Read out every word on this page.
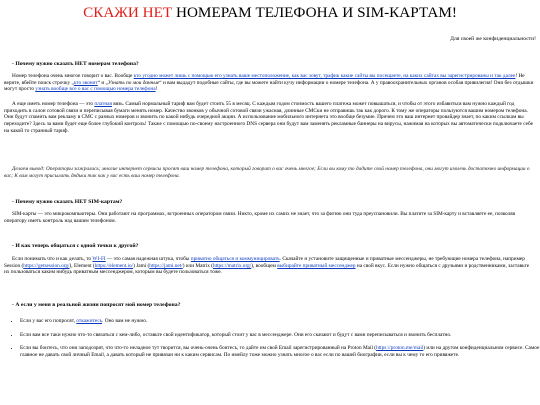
СКАЖИ НЕТ НОМЕРАМ ТЕЛЕФОНА И SIM-КАРТАМ!
Для своей же конфиденциальности!
- Почему нужно сказать НЕТ номерам телефона?

Номер телефона очень многое говорит о вас. Вообще кто угодно может лишь с помощью его узнать ваше местоположение, как вас зовут, трафик какие сайты вы посещаете, на каких сайтах вы зарегистрированы и так далее! Не верите, вбейте поиск строчку „кто звонит“ и „Узнать по мои данные“ и вам выдадут подобные сайты, где вы можете найти кучу информации о номере телефона. А у правоохранительных органов особая привилегия! Они без отдышки могут просто узнать вообще все о вас с помощью номера телефона!

А еще иметь номер телефона — это платная вязь. Самый нормальный тариф вам будет стоить 55 в месяц. С каждым годом стоимость вашего платежа может повышаться, и чтобы от этого избавиться вам нужно каждый год приходить в салон сотовой связи и переписывая бумаги менять номер. Качество звонков у обычной сотовой связи ужасная, длинные СМСки не отправишь так как дорого. К тому же операторы пользуются вашим номером телефона. Они будут спамить вам рекламу в СМС с разных номеров и звонить по какой нибудь очередной акции. А использование мобильного интернета это вообще безумие. Причем это ваш интернет провайдер знает, по каким ссылкам вы переходите? Здесь за вами будет еще более глубокий контроль! Также с помощью по-своему настроенного DNS сервера они будут вам заменять рекламные баннеры на вирусы, нажимая на которых вы автоматически подключаете себе на какой то странный тариф.

Делаем вывод: Операторы зажрались; многие интернет сервисы просят ваш номер телефона, который говорит о вас очень многое; Если вы кому то дадите свой номер телефона, они могут извлечь достаточно информации о вас; К вам могут присылать дядьки так как у вас есть ваш номер телефона.

- Почему нужно сказать НЕТ SIM-картам?

SIM-карты — это микрокомпьютеры. Они работают на программах, встроенных оператором связи. Никто, кроме их самих не знает, что за фигню они туда преуспановили. Вы платите за SIM-карту и вставляете ее, позволяя оператору иметь контроль над вашим телефоном.

- И как теперь общаться с одной точки к другой?

Если понимать что и как делать, то WI-FI — это самая надежная штука, чтобы приватно общаться и коммуницировать. Скачайте и установите защищенные и приватные мессенджеры, не требующие номера телефона, например Session (https://getsession.org/), Element (https://element.io/) Jami (https://jami.net/) или Matrix (https://matrix.org/), вообщем выбирайте приватный мессенджер на свой вкус. Если нужно общаться с друзьями и родственниками, заставьте их пользоваться каким нибудь приватным мессенджером, которым вы будете пользоваться тоже.

- А если у меня в реальной жизни попросят мой номер телефона?
• Если у вас его попросят, откажитесь. Оно вам не нужно.
• Если вам все таки нужно что-то связаться с кем-либо, оставьте свой идентификатор, который стоит у вас в мессенджере. Они его скачают и будут с вами переписываться и звонить бесплатно.
• Если вы боитесь, что они заподозрят, что что-то неладное тут творится, вы очень-очень боитесь, то дайте им свой Email зарегистрированный на Proton Mail (https://proton.me/mail) или на другом конфиденциальном сервисе. Самое главное не давать свой личный Email, а давать который не привязан ни к каким сервисам. По имейлу тоже можно узнать многое о вас если по вашей биографии, если вы к чему то его привяжете.
